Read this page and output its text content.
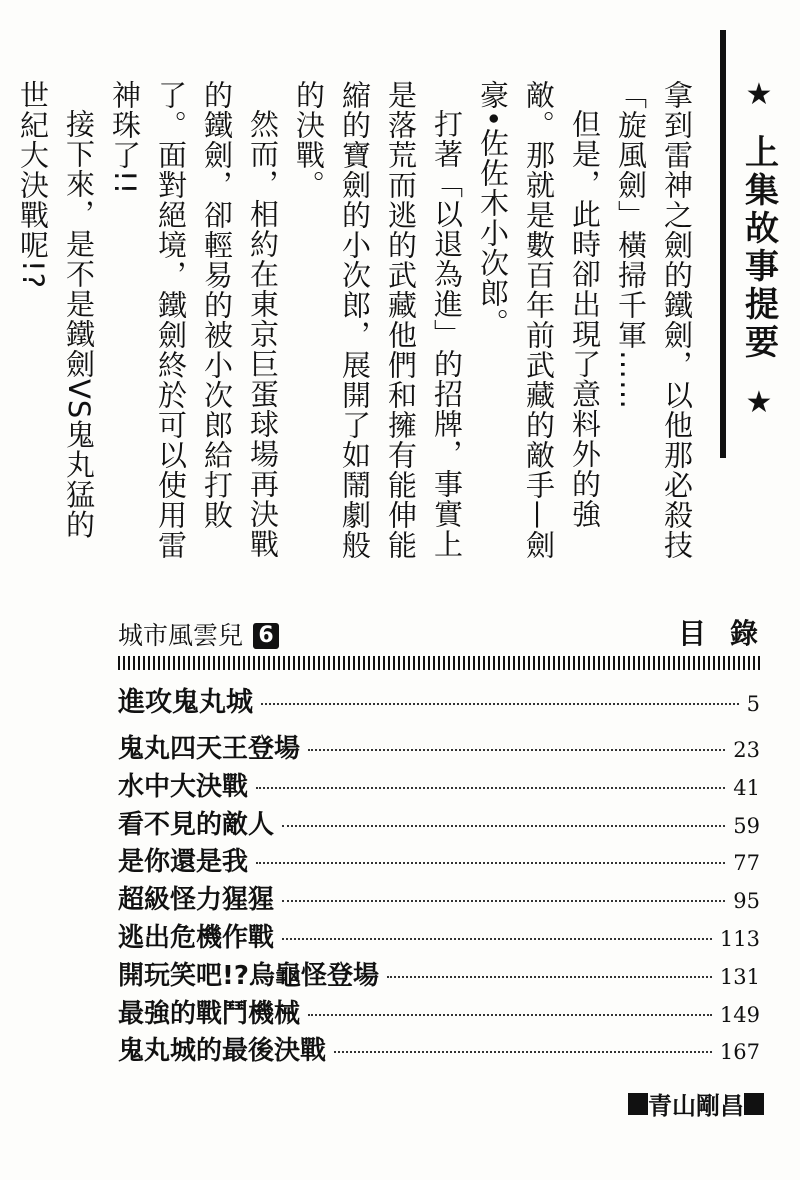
★
上集故事提要
★

拿到雷神之劍的鐵劍，以他那必殺技「旋風劍」橫掃千軍……

但是，此時卻出現了意料外的強敵。那就是數百年前武藏的敵手—劍豪•佐佐木小次郎。

打著「以退為進」的招牌，事實上是落荒而逃的武藏他們和擁有能伸能縮的寶劍的小次郎，展開了如鬧劇般的決戰。

然而，相約在東京巨蛋球場再決戰的鐵劍，卻輕易的被小次郎給打敗了。面對絕境，鐵劍終於可以使用雷神珠了!!

接下來，是不是鐵劍VS鬼丸猛的世紀大決戰呢!?

城市風雲兒 6	目錄
進攻鬼丸城	5
鬼丸四天王登場	23
水中大決戰	41
看不見的敵人	59
是你還是我	77
超級怪力猩猩	95
逃出危機作戰	113
開玩笑吧!?烏龜怪登場	131
最強的戰鬥機械	149
鬼丸城的最後決戰	167
青山剛昌
